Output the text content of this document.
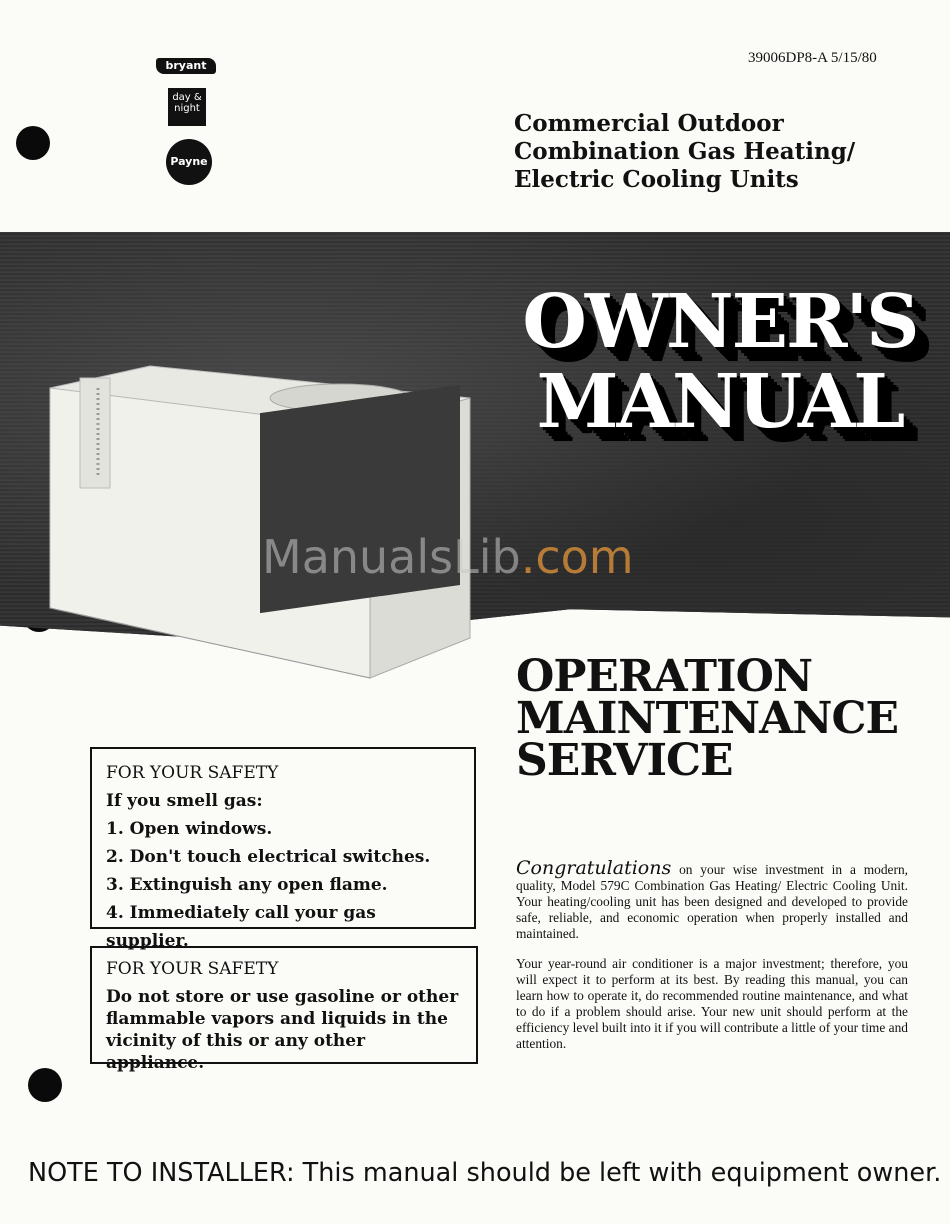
bryant
day & night
Payne
39006DP8-A 5/15/80
Commercial Outdoor
Combination Gas Heating/
Electric Cooling Units
OWNER'S
MANUAL
ManualsLib.com
OPERATION
MAINTENANCE
SERVICE
FOR YOUR SAFETY
If you smell gas:
1. Open windows.
2. Don't touch electrical switches.
3. Extinguish any open flame.
4. Immediately call your gas supplier.
FOR YOUR SAFETY
Do not store or use gasoline or other flammable vapors and liquids in the vicinity of this or any other appliance.
Congratulations on your wise investment in a modern, quality, Model 579C Combination Gas Heating/ Electric Cooling Unit. Your heating/cooling unit has been designed and developed to provide safe, reliable, and economic operation when properly installed and maintained.
Your year-round air conditioner is a major investment; therefore, you will expect it to perform at its best. By reading this manual, you can learn how to operate it, do recommended routine maintenance, and what to do if a problem should arise. Your new unit should perform at the efficiency level built into it if you will contribute a little of your time and attention.
NOTE TO INSTALLER: This manual should be left with equipment owner.
